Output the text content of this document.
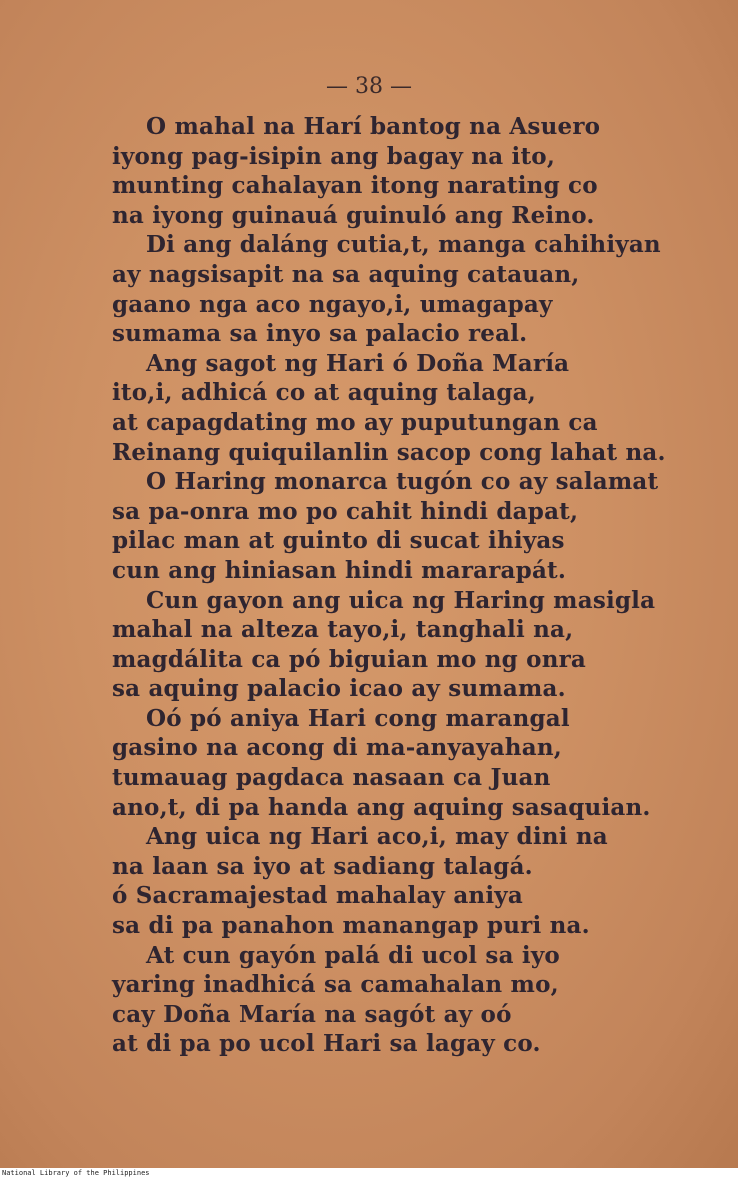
— 38 —
O mahal na Harí bantog na Asuero
iyong pag-isipin ang bagay na ito,
munting cahalayan itong narating co
na iyong guinauá guinuló ang Reino.
Di ang daláng cutia,t, manga cahihiyan
ay nagsisapit na sa aquing catauan,
gaano nga aco ngayo,i, umagapay
sumama sa inyo sa palacio real.
Ang sagot ng Hari ó Doña María
ito,i, adhicá co at aquing talaga,
at capagdating mo ay puputungan ca
Reinang quiquilanlin sacop cong lahat na.
O Haring monarca tugón co ay salamat
sa pa-onra mo po cahit hindi dapat,
pilac man at guinto di sucat ihiyas
cun ang hiniasan hindi mararapát.
Cun gayon ang uica ng Haring masigla
mahal na alteza tayo,i, tanghali na,
magdálita ca pó biguian mo ng onra
sa aquing palacio icao ay sumama.
Oó pó aniya Hari cong marangal
gasino na acong di ma-anyayahan,
tumauag pagdaca nasaan ca Juan
ano,t, di pa handa ang aquing sasaquian.
Ang uica ng Hari aco,i, may dini na
na laan sa iyo at sadiang talagá.
ó Sacramajestad mahalay aniya
sa di pa panahon manangap puri na.
At cun gayón palá di ucol sa iyo
yaring inadhicá sa camahalan mo,
cay Doña María na sagót ay oó
at di pa po ucol Hari sa lagay co.
National Library of the Philippines
